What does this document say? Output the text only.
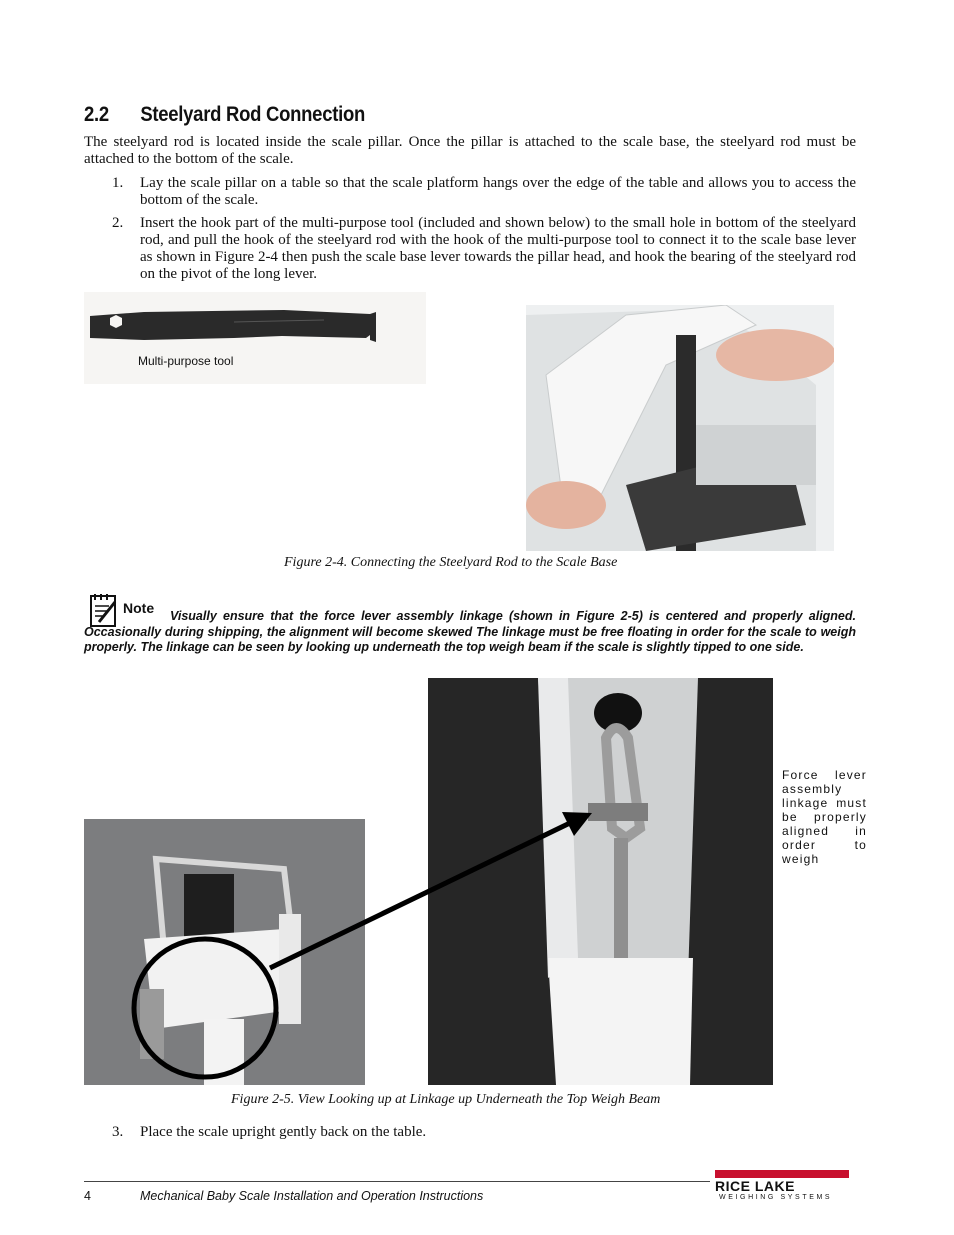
2.2 Steelyard Rod Connection
The steelyard rod is located inside the scale pillar. Once the pillar is attached to the scale base, the steelyard rod must be attached to the bottom of the scale.
1. Lay the scale pillar on a table so that the scale platform hangs over the edge of the table and allows you to access the bottom of the scale.
2. Insert the hook part of the multi-purpose tool (included and shown below) to the small hole in bottom of the steelyard rod, and pull the hook of the steelyard rod with the hook of the multi-purpose tool to connect it to the scale base lever as shown in Figure 2-4 then push the scale base lever towards the pillar head, and hook the bearing of the steelyard rod on the pivot of the long lever.
Multi-purpose tool
Figure 2-4. Connecting the Steelyard Rod to the Scale Base
Note	Visually ensure that the force lever assembly linkage (shown in Figure 2-5) is centered and properly aligned. Occasionally during shipping, the alignment will become skewed The linkage must be free floating in order for the scale to weigh properly. The linkage can be seen by looking up underneath the top weigh beam if the scale is slightly tipped to one side.
Force lever assembly linkage must be properly aligned in order to weigh
Figure 2-5. View Looking up at Linkage up Underneath the Top Weigh Beam
3. Place the scale upright gently back on the table.
4	Mechanical Baby Scale Installation and Operation Instructions
RICE LAKE
WEIGHING SYSTEMS
